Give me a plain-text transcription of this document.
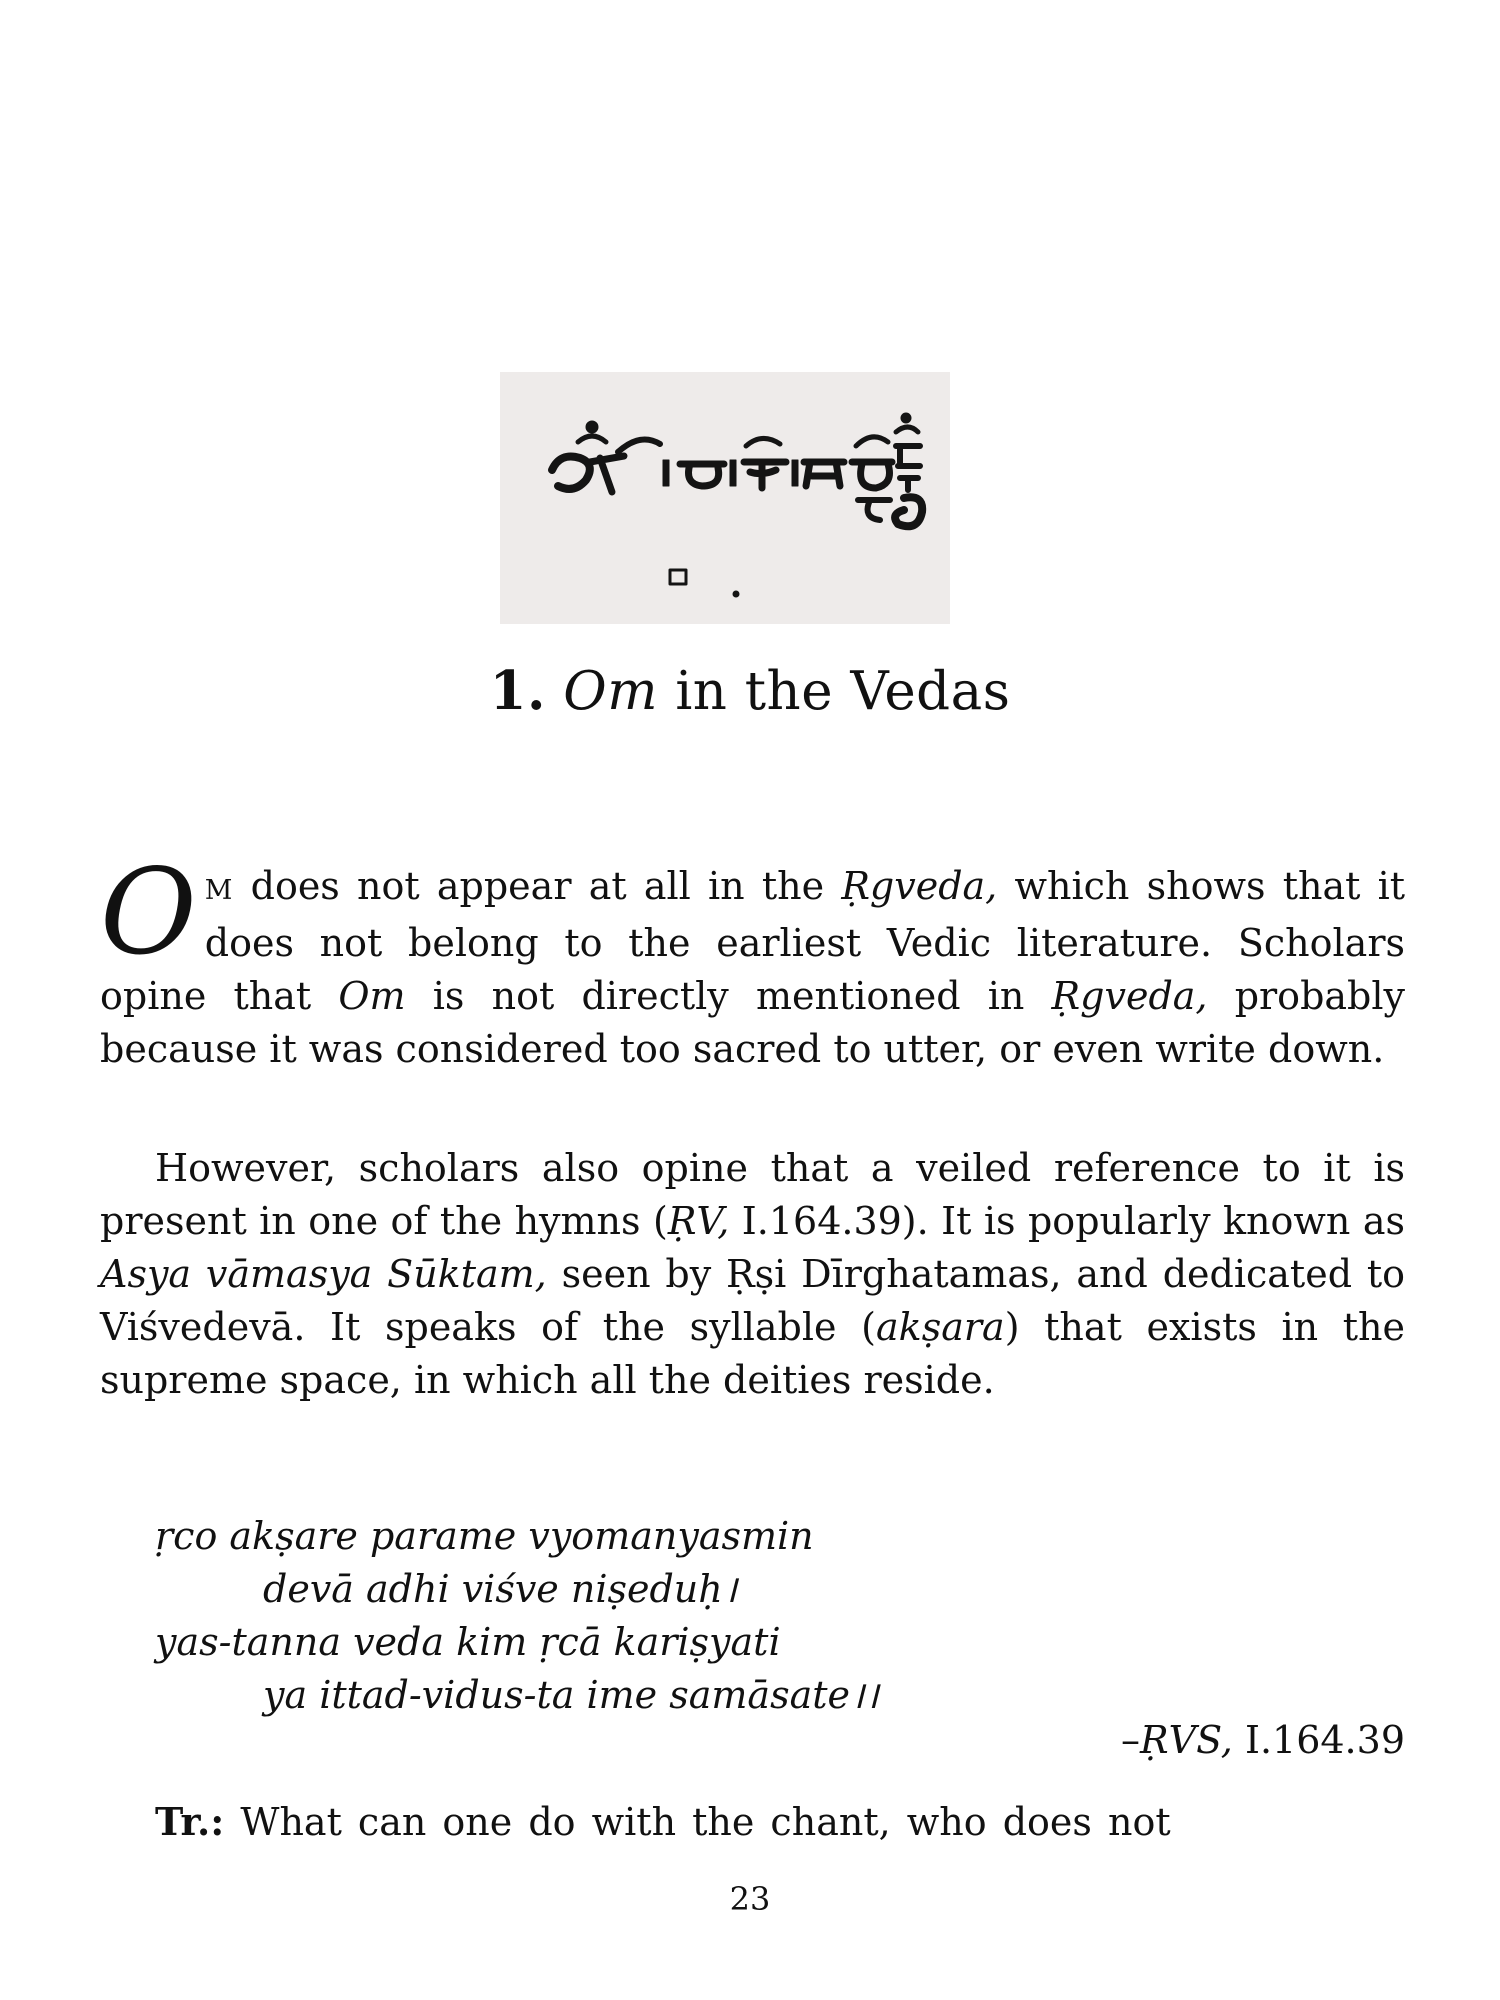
1. Om in the Vedas

O M does not appear at all in the Ṛgveda, which shows that it does not belong to the earliest Vedic literature. Scholars opine that Om is not directly mentioned in Ṛgveda, probably because it was considered too sacred to utter, or even write down.

However, scholars also opine that a veiled reference to it is present in one of the hymns (ṚV, I.164.39). It is popularly known as Asya vāmasya Sūktam, seen by Ṛṣi Dīrghatamas, and dedicated to Viśvedevā. It speaks of the syllable (akṣara) that exists in the supreme space, in which all the deities reside.

ṛco akṣare parame vyomanyasmin
devā adhi viśve niṣeduḥ।
yas-tanna veda kim ṛcā kariṣyati
ya ittad-vidus-ta ime samāsate।।
–ṚVS, I.164.39
Tr.: What can one do with the chant, who does not
23
